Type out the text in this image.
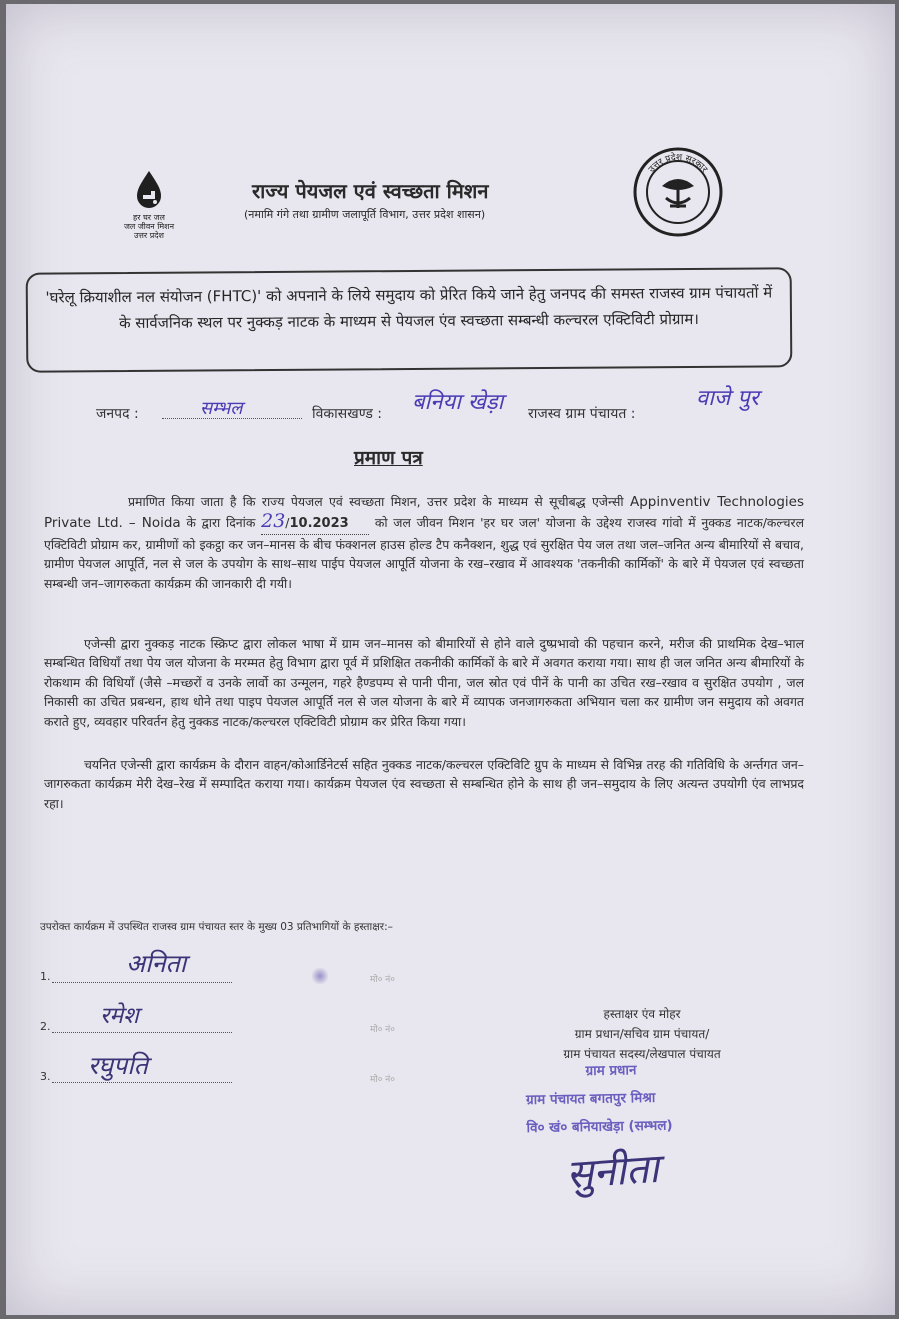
हर घर जल
जल जीवन मिशन
उत्तर प्रदेश
राज्य पेयजल एवं स्वच्छता मिशन
(नमामि गंगे तथा ग्रामीण जलापूर्ति विभाग, उत्तर प्रदेश शासन)
उत्तर प्रदेश सरकार
'घरेलू क्रियाशील नल संयोजन (FHTC)' को अपनाने के लिये समुदाय को प्रेरित किये जाने हेतु जनपद की समस्त राजस्व ग्राम पंचायतों में के सार्वजनिक स्थल पर नुक्कड़ नाटक के माध्यम से पेयजल एंव स्वच्छता सम्बन्धी कल्चरल एक्टिविटी प्रोग्राम।
जनपद :	सम्भल	विकासखण्ड : बनिया खेड़ा राजस्व ग्राम पंचायत :
वाजे पुर
प्रमाण पत्र
प्रमाणित किया जाता है कि राज्य पेयजल एवं स्वच्छता मिशन, उत्तर प्रदेश के माध्यम से सूचीबद्ध एजेन्सी Appinventiv Technologies Private Ltd. – Noida के द्वारा दिनांक 23/10.2023 को जल जीवन मिशन 'हर घर जल' योजना के उद्देश्य राजस्व गांवो में नुक्कड नाटक/कल्चरल एक्टिविटी प्रोग्राम कर, ग्रामीणों को इकट्ठा कर जन–मानस के बीच फंक्शनल हाउस होल्ड टैप कनैक्शन, शुद्ध एवं सुरक्षित पेय जल तथा जल–जनित अन्य बीमारियों से बचाव, ग्रामीण पेयजल आपूर्ति, नल से जल के उपयोग के साथ–साथ पाईप पेयजल आपूर्ति योजना के रख–रखाव में आवश्यक 'तकनीकी कार्मिकों' के बारे में पेयजल एवं स्वच्छता सम्बन्धी जन–जागरुकता कार्यक्रम की जानकारी दी गयी।
एजेन्सी द्वारा नुक्कड़ नाटक स्क्रिप्ट द्वारा लोकल भाषा में ग्राम जन–मानस को बीमारियों से होने वाले दुष्प्रभावो की पहचान करने, मरीज की प्राथमिक देख–भाल सम्बन्धित विधियाँ तथा पेय जल योजना के मरम्मत हेतु विभाग द्वारा पूर्व में प्रशिक्षित तकनीकी कार्मिकों के बारे में अवगत कराया गया। साथ ही जल जनित अन्य बीमारियों के रोकथाम की विधियाँ (जैसे –मच्छरों व उनके लार्वो का उन्मूलन, गहरे हैण्डपम्प से पानी पीना, जल स्रोत एवं पीनें के पानी का उचित रख–रखाव व सुरक्षित उपयोग , जल निकासी का उचित प्रबन्धन, हाथ धोने तथा पाइप पेयजल आपूर्ति नल से जल योजना के बारे में व्यापक जनजागरुकता अभियान चला कर ग्रामीण जन समुदाय को अवगत कराते हुए, व्यवहार परिवर्तन हेतु नुक्कड नाटक/कल्चरल एक्टिविटी प्रोग्राम कर प्रेरित किया गया।
चयनित एजेन्सी द्वारा कार्यक्रम के दौरान वाहन/कोआर्डिनेटर्स सहित नुक्कड नाटक/कल्चरल एक्टिविटि ग्रुप के माध्यम से विभिन्न तरह की गतिविधि के अर्न्तगत जन–जागरुकता कार्यक्रम मेरी देख–रेख में सम्पादित कराया गया। कार्यक्रम पेयजल एंव स्वच्छता से सम्बन्धित होने के साथ ही जन–समुदाय के लिए अत्यन्त उपयोगी एंव लाभप्रद रहा।
उपरोक्त कार्यक्रम में उपस्थित राजस्व ग्राम पंचायत स्तर के मुख्य 03 प्रतिभागियों के हस्ताक्षर:–
1.	अनिता
मो० नं०
2. रमेश
मो० नं०
3. रघुपति	मो० नं०
हस्ताक्षर एंव मोहर
ग्राम प्रधान/सचिव ग्राम पंचायत/
ग्राम पंचायत सदस्य/लेखपाल पंचायत
ग्राम प्रधान
ग्राम पंचायत बगतपुर मिश्रा
वि० खं० बनियाखेड़ा (सम्भल)
सुनीता
